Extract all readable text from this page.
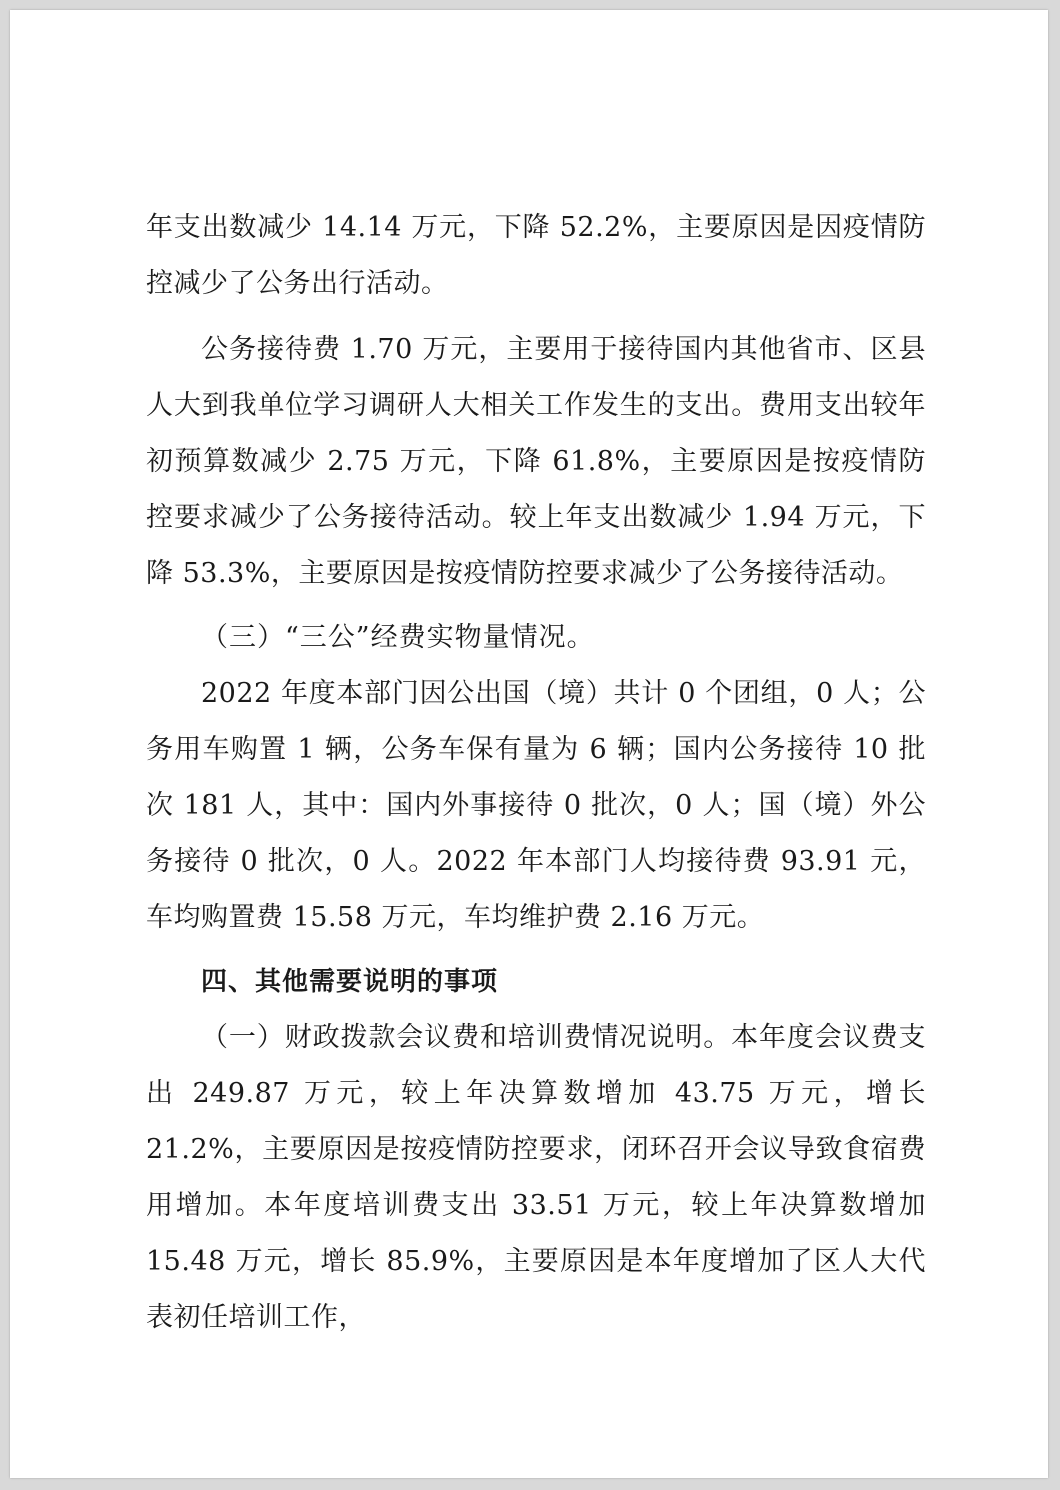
年支出数减少 14.14 万元，下降 52.2%，主要原因是因疫情防控减少了公务出行活动。

公务接待费 1.70 万元，主要用于接待国内其他省市、区县人大到我单位学习调研人大相关工作发生的支出。费用支出较年初预算数减少 2.75 万元，下降 61.8%，主要原因是按疫情防控要求减少了公务接待活动。较上年支出数减少 1.94 万元，下降 53.3%，主要原因是按疫情防控要求减少了公务接待活动。

（三）“三公”经费实物量情况。

2022 年度本部门因公出国（境）共计 0 个团组，0 人；公务用车购置 1 辆，公务车保有量为 6 辆；国内公务接待 10 批次 181 人，其中：国内外事接待 0 批次，0 人；国（境）外公务接待 0 批次，0 人。2022 年本部门人均接待费 93.91 元，车均购置费 15.58 万元，车均维护费 2.16 万元。

四、其他需要说明的事项

（一）财政拨款会议费和培训费情况说明。本年度会议费支出 249.87 万元，较上年决算数增加 43.75 万元，增长 21.2%，主要原因是按疫情防控要求，闭环召开会议导致食宿费用增加。本年度培训费支出 33.51 万元，较上年决算数增加 15.48 万元，增长 85.9%，主要原因是本年度增加了区人大代表初任培训工作，
